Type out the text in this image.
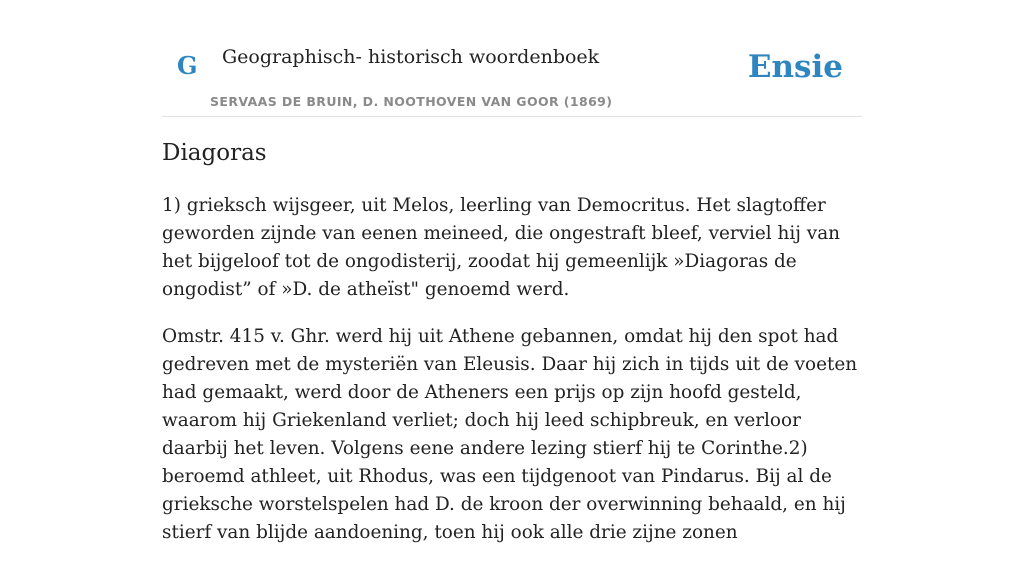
G Geographisch- historisch woordenboek
SERVAAS DE BRUIN, D. NOOTHOVEN VAN GOOR (1869)
Ensie
Diagoras

1) grieksch wijsgeer, uit Melos, leerling van Democritus. Het slagtoffer geworden zijnde van eenen meineed, die ongestraft bleef, verviel hij van het bijgeloof tot de ongodisterij, zoodat hij gemeenlijk »Diagoras de ongodist” of »D. de atheïst" genoemd werd.

Omstr. 415 v. Ghr. werd hij uit Athene gebannen, omdat hij den spot had gedreven met de mysteriën van Eleusis. Daar hij zich in tijds uit de voeten had gemaakt, werd door de Atheners een prijs op zijn hoofd gesteld, waarom hij Griekenland verliet; doch hij leed schipbreuk, en verloor daarbij het leven. Volgens eene andere lezing stierf hij te Corinthe.2) beroemd athleet, uit Rhodus, was een tijdgenoot van Pindarus. Bij al de grieksche worstelspelen had D. de kroon der overwinning behaald, en hij stierf van blijde aandoening, toen hij ook alle drie zijne zonen
